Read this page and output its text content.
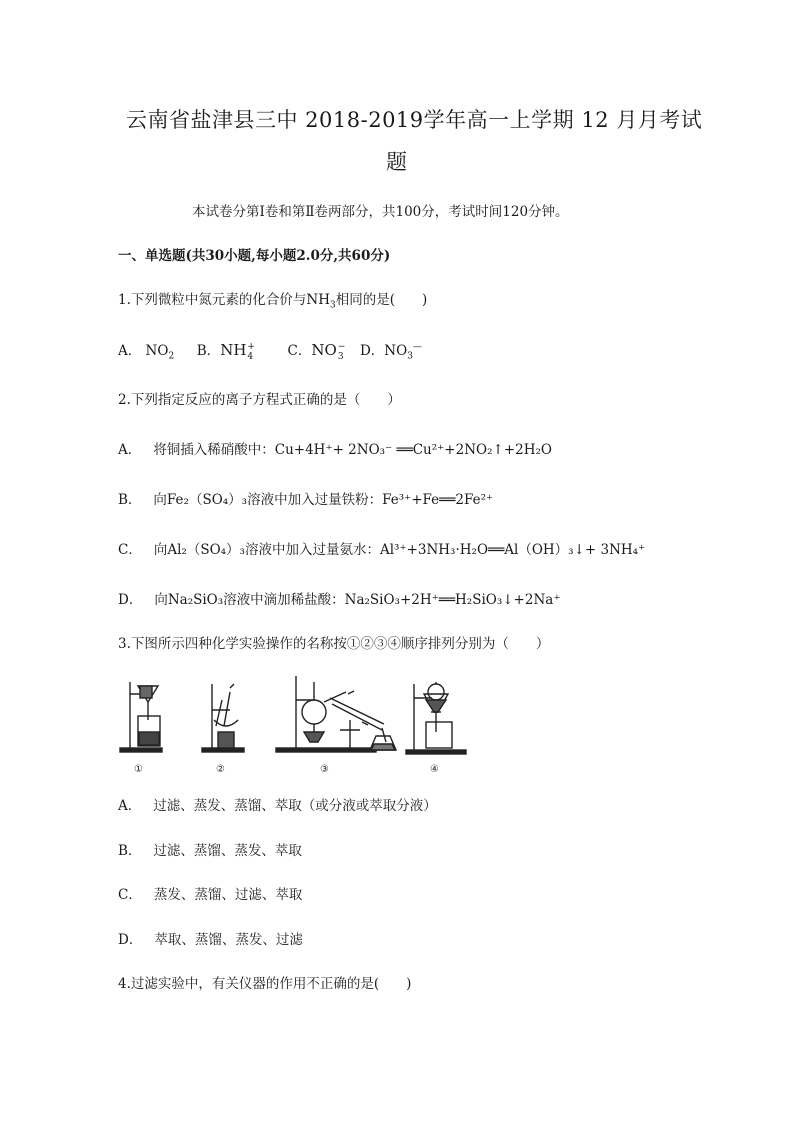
云南省盐津县三中 2018-2019学年高一上学期 12 月月考试
题
本试卷分第Ⅰ卷和第Ⅱ卷两部分，共100分，考试时间120分钟。
一、单选题(共30小题,每小题2.0分,共60分)
1.下列微粒中氮元素的化合价与$NH_3$相同的是(　　)
A． $NO_2$ B．NH +
4	C．NO −
3 D．$NO_3^—$
2.下列指定反应的离子方程式正确的是（　　）
A． 将铜插入稀硝酸中：Cu+4H⁺+ 2NO₃⁻ ══Cu²⁺+2NO₂↑+2H₂O
B． 向Fe₂（SO₄）₃溶液中加入过量铁粉：Fe³⁺+Fe══2Fe²⁺
C． 向Al₂（SO₄）₃溶液中加入过量氨水：Al³⁺+3NH₃·H₂O══Al（OH）₃↓+ 3NH₄⁺
D． 向Na₂SiO₃溶液中滴加稀盐酸：Na₂SiO₃+2H⁺══H₂SiO₃↓+2Na⁺
3.下图所示四种化学实验操作的名称按①②③④顺序排列分别为（　　）
①	②	③	④
A． 过滤、蒸发、蒸馏、萃取（或分液或萃取分液）
B． 过滤、蒸馏、蒸发、萃取
C． 蒸发、蒸馏、过滤、萃取
D． 萃取、蒸馏、蒸发、过滤
4.过滤实验中，有关仪器的作用不正确的是(　　)
